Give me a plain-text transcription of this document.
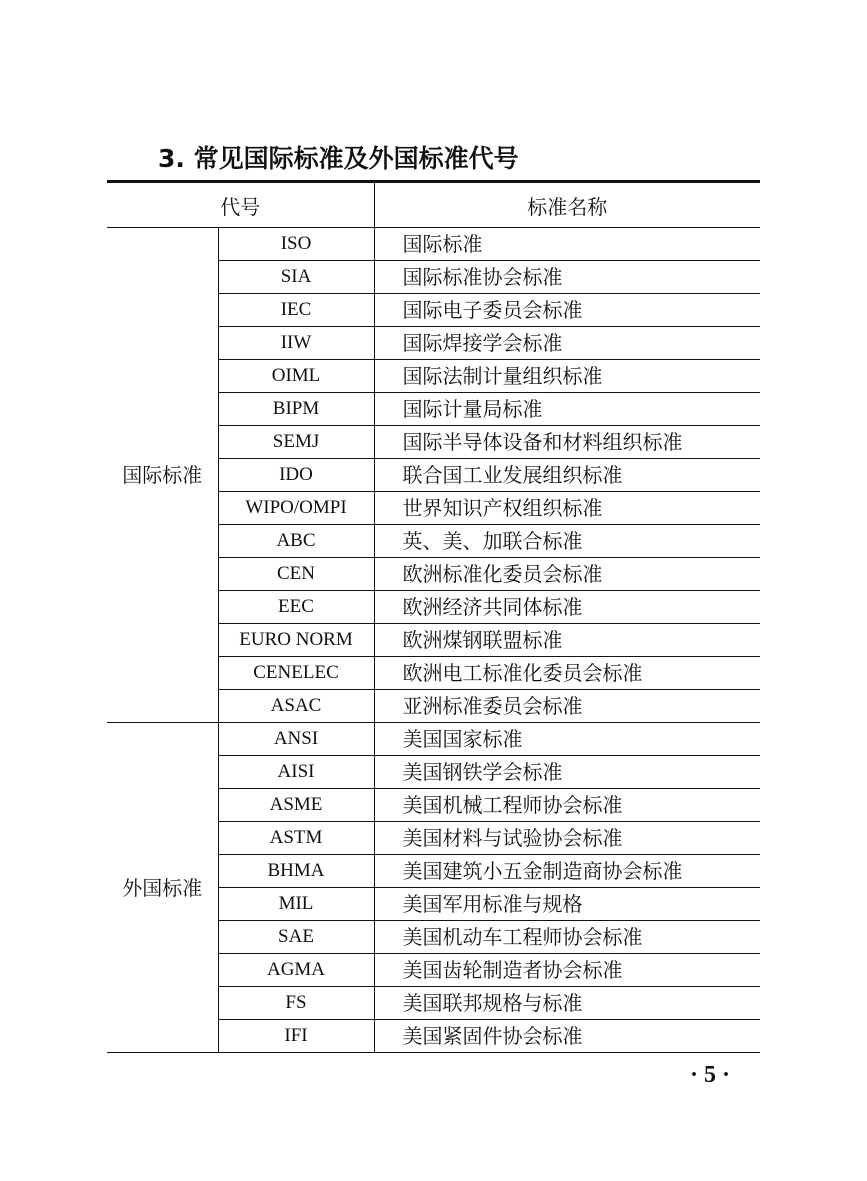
3. 常见国际标准及外国标准代号
代号		标准名称
国际标准	ISO	国际标准
	SIA	国际标准协会标准
	IEC	国际电子委员会标准
	IIW	国际焊接学会标准
	OIML	国际法制计量组织标准
	BIPM	国际计量局标准
	SEMJ	国际半导体设备和材料组织标准
	IDO	联合国工业发展组织标准
	WIPO/OMPI	世界知识产权组织标准
	ABC	英、美、加联合标准
	CEN	欧洲标准化委员会标准
	EEC	欧洲经济共同体标准
	EURO NORM	欧洲煤钢联盟标准
	CENELEC	欧洲电工标准化委员会标准
	ASAC	亚洲标准委员会标准
外国标准	ANSI	美国国家标准
	AISI	美国钢铁学会标准
	ASME	美国机械工程师协会标准
	ASTM	美国材料与试验协会标准
	BHMA	美国建筑小五金制造商协会标准
	MIL	美国军用标准与规格
	SAE	美国机动车工程师协会标准
	AGMA	美国齿轮制造者协会标准
	FS	美国联邦规格与标准
	IFI	美国紧固件协会标准
· 5 ·
